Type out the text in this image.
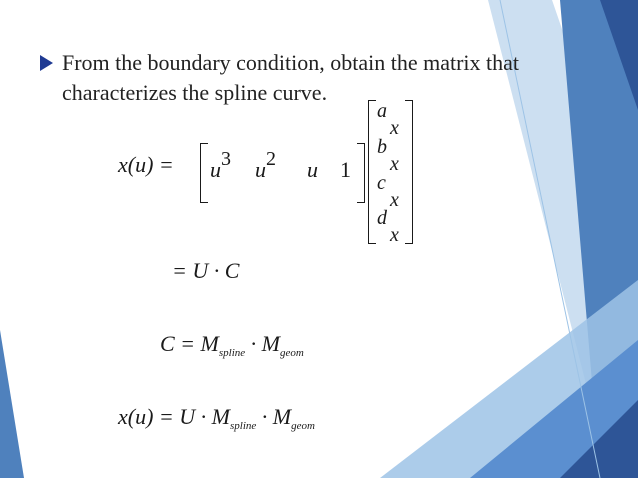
From the boundary condition, obtain the matrix that
characterizes the spline curve.
x(u) = u3 u2 u 1
a
x
b
x
c
x
d
x
= U · C
$C = M_{spline} \cdot M_{geom}$
$x(u) = U \cdot M_{spline} \cdot M_{geom}$
